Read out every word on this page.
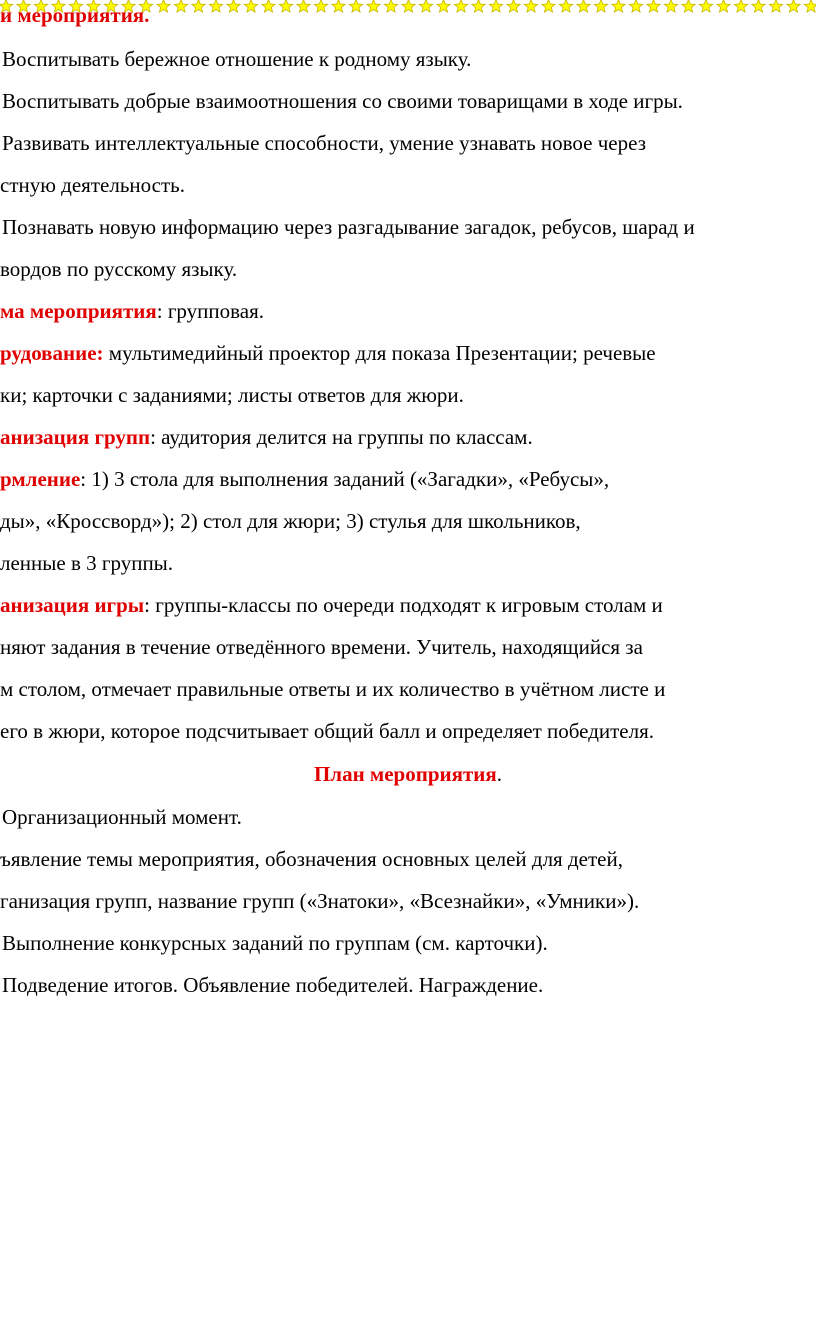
и мероприятия.
Воспитывать бережное отношение к родному языку.
Воспитывать добрые взаимоотношения со своими товарищами в ходе игры.
Развивать интеллектуальные способности, умение узнавать новое через
стную деятельность.
Познавать новую информацию через разгадывание загадок, ребусов, шарад и
вордов по русскому языку.
ма мероприятия: групповая.
рудование: мультимедийный проектор для показа Презентации; речевые
ки; карточки с заданиями; листы ответов для жюри.
анизация групп: аудитория делится на группы по классам.
рмление: 1) 3 стола для выполнения заданий («Загадки», «Ребусы»,
ды», «Кроссворд»); 2) стол для жюри; 3) стулья для школьников,
ленные в 3 группы.
анизация игры: группы-классы по очереди подходят к игровым столам и
няют задания в течение отведённого времени. Учитель, находящийся за
м столом, отмечает правильные ответы и их количество в учётном листе и
его в жюри, которое подсчитывает общий балл и определяет победителя.
План мероприятия.
Организационный момент.
ъявление темы мероприятия, обозначения основных целей для детей,
ганизация групп, название групп («Знатоки», «Всезнайки», «Умники»).
Выполнение конкурсных заданий по группам (см. карточки).
Подведение итогов. Объявление победителей. Награждение.
